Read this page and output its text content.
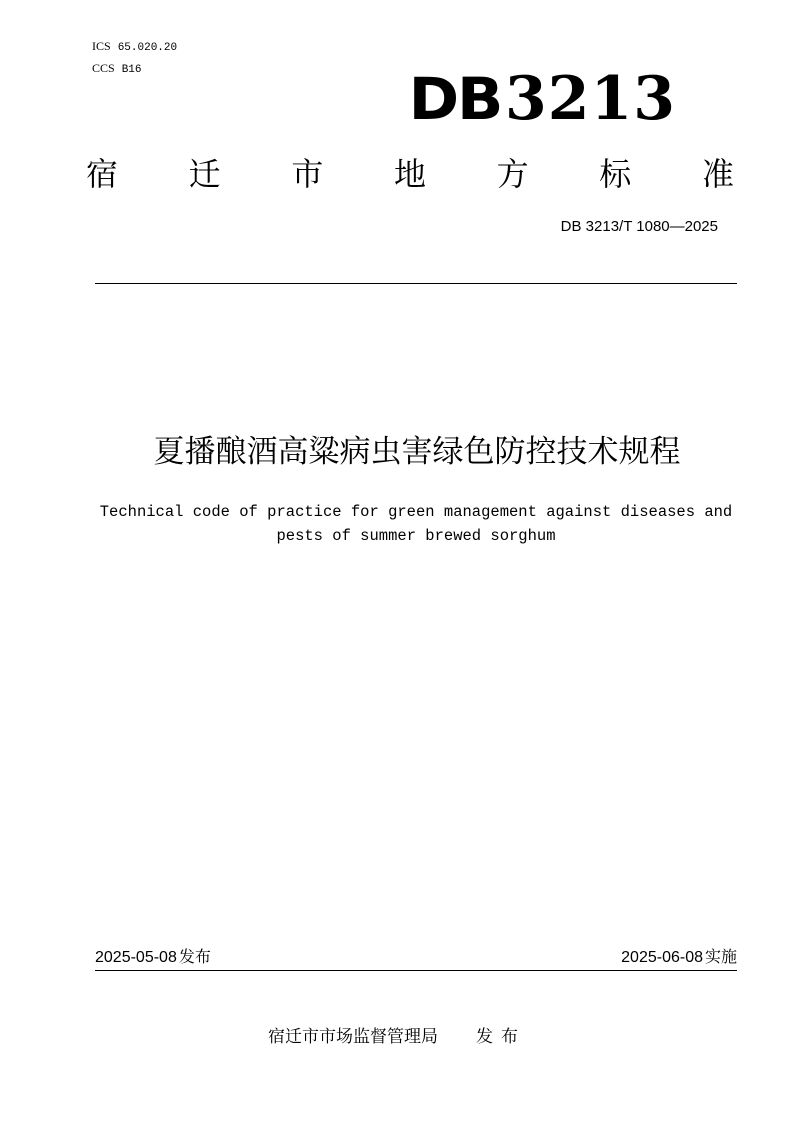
ICS 65.020.20
CCS B16	DB 3213
宿 迁 市 地 方 标 准
DB 3213/T 1080—2025
夏播酿酒高粱病虫害绿色防控技术规程
Technical code of practice for green management against diseases and pests of summer brewed sorghum
2025-05-08 发布	2025-06-08 实施
宿迁市市场监督管理局 发布
